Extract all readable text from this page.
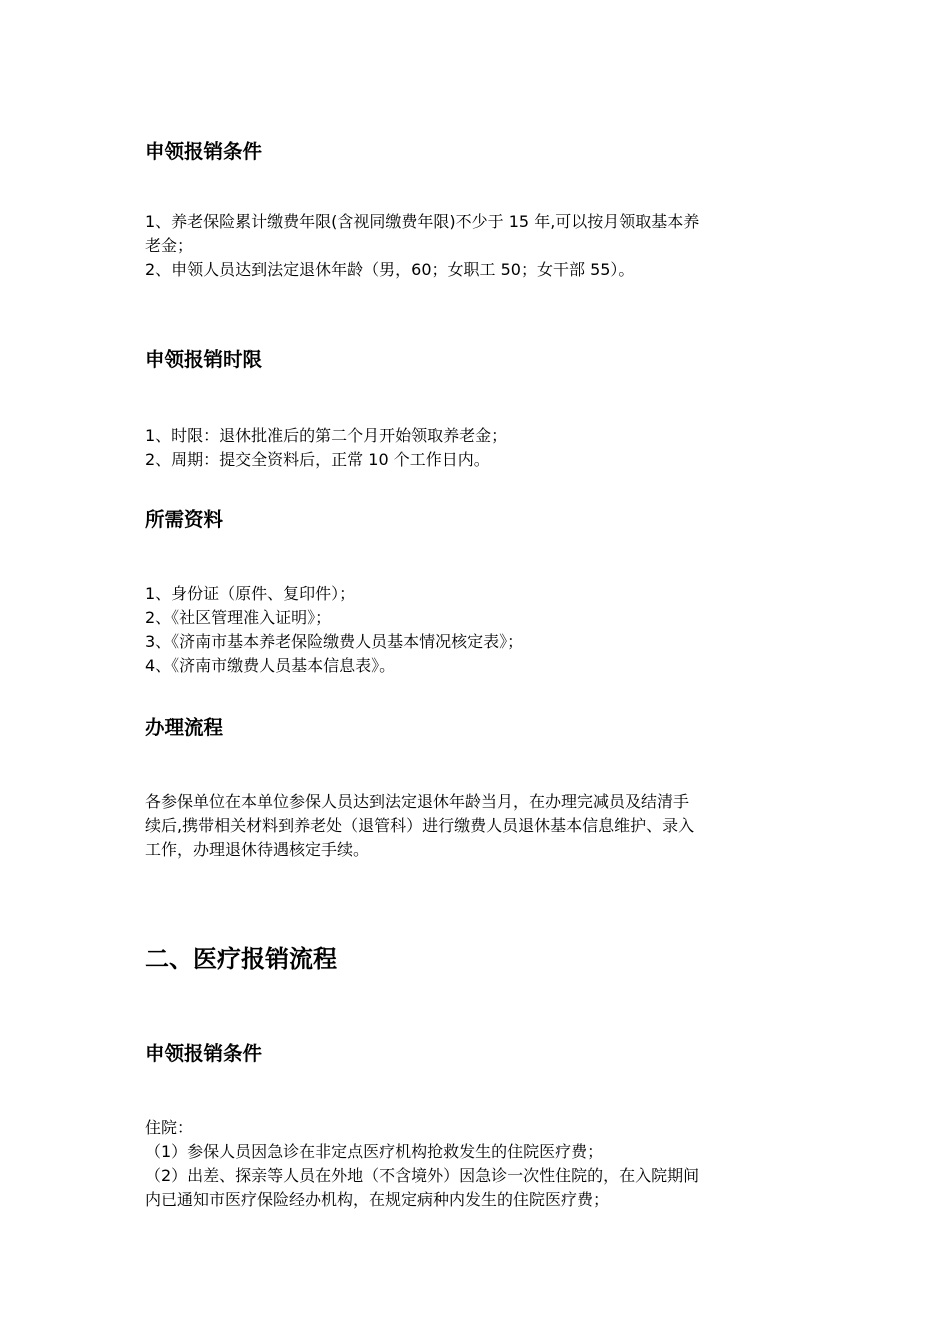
申领报销条件
1、养老保险累计缴费年限(含视同缴费年限)不少于 15 年,可以按月领取基本养
老金；
2、申领人员达到法定退休年龄（男，60；女职工 50；女干部 55）。
申领报销时限
1、时限：退休批准后的第二个月开始领取养老金；
2、周期：提交全资料后，正常 10 个工作日内。
所需资料
1、身份证（原件、复印件）；
2、《社区管理准入证明》；
3、《济南市基本养老保险缴费人员基本情况核定表》；
4、《济南市缴费人员基本信息表》。
办理流程
各参保单位在本单位参保人员达到法定退休年龄当月，在办理完减员及结清手
续后,携带相关材料到养老处（退管科）进行缴费人员退休基本信息维护、录入
工作，办理退休待遇核定手续。
二、医疗报销流程
申领报销条件
住院：
（1）参保人员因急诊在非定点医疗机构抢救发生的住院医疗费；
（2）出差、探亲等人员在外地（不含境外）因急诊一次性住院的，在入院期间
内已通知市医疗保险经办机构，在规定病种内发生的住院医疗费；
